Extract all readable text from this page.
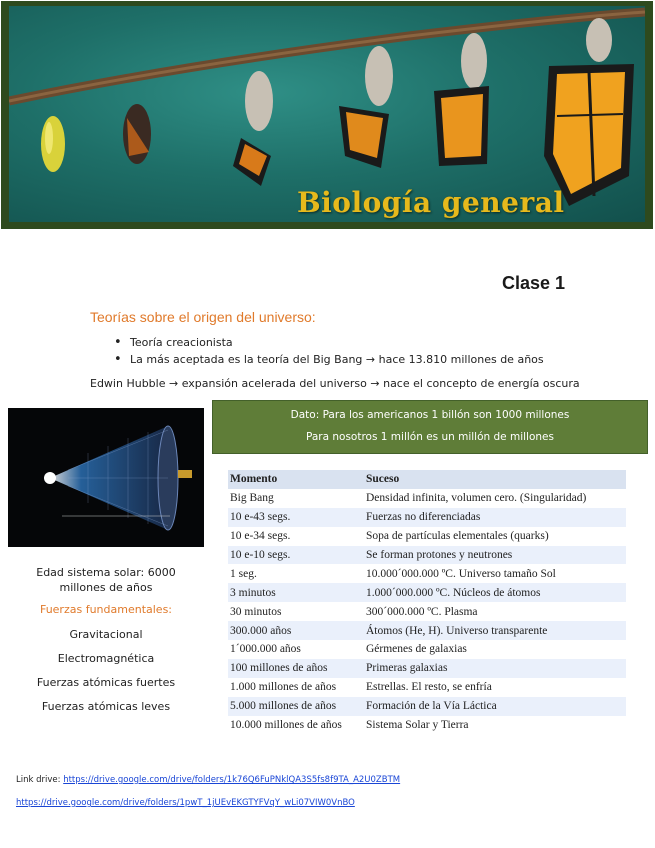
Biología general
Clase 1
Teorías sobre el origen del universo:
• Teoría creacionista
• La más aceptada es la teoría del Big Bang → hace 13.810 millones de años
Edwin Hubble → expansión acelerada del universo → nace el concepto de energía oscura
Dato: Para los americanos 1 billón son 1000 millones
Para nosotros 1 millón es un millón de millones
Edad sistema solar: 6000 millones de años
Fuerzas fundamentales:
Gravitacional
Electromagnética
Fuerzas atómicas fuertes
Fuerzas atómicas leves
Momento	Suceso
Big Bang	Densidad infinita, volumen cero. (Singularidad)
10 e-43 segs.	Fuerzas no diferenciadas
10 e-34 segs.	Sopa de partículas elementales (quarks)
10 e-10 segs.	Se forman protones y neutrones
1 seg.	10.000´000.000 ºC. Universo tamaño Sol
3 minutos	1.000´000.000 ºC. Núcleos de átomos
30 minutos	300´000.000 ºC. Plasma
300.000 años	Átomos (He, H). Universo transparente
1´000.000 años	Gérmenes de galaxias
100 millones de años	Primeras galaxias
1.000 millones de años	Estrellas. El resto, se enfría
5.000 millones de años	Formación de la Vía Láctica
10.000 millones de años	Sistema Solar y Tierra
Link drive: https://drive.google.com/drive/folders/1k76Q6FuPNklQA3S5fs8f9TA_A2U0ZBTM
https://drive.google.com/drive/folders/1pwT_1jUEvEKGTYFVqY_wLi07VIW0VnBO
